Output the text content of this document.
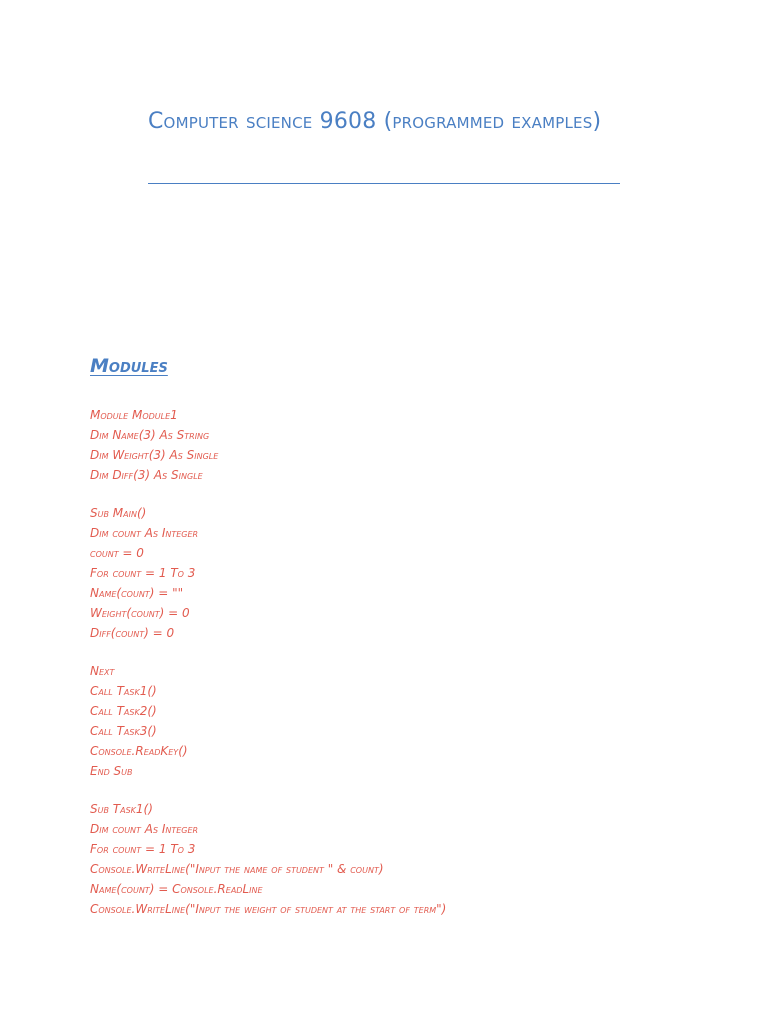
Computer science 9608 (programmed examples)
Modules
Module Module1
Dim Name(3) As String
Dim Weight(3) As Single
Dim Diff(3) As Single
Sub Main()
Dim count As Integer
count = 0
For count = 1 To 3
Name(count) = ""
Weight(count) = 0
Diff(count) = 0
Next
Call Task1()
Call Task2()
Call Task3()
Console.ReadKey()
End Sub
Sub Task1()
Dim count As Integer
For count = 1 To 3
Console.WriteLine("Input the name of student " & count)
Name(count) = Console.ReadLine
Console.WriteLine("Input the weight of student at the start of term")
